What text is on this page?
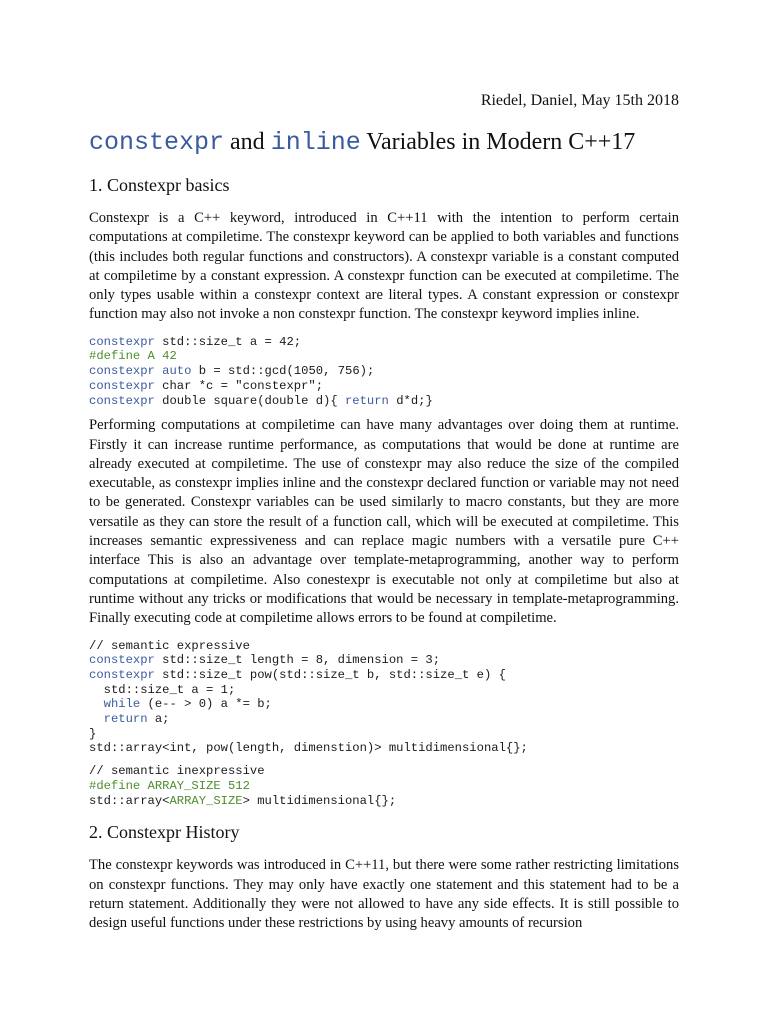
Riedel, Daniel, May 15th 2018
constexpr and inline Variables in Modern C++17
1. Constexpr basics

Constexpr is a C++ keyword, introduced in C++11 with the intention to perform certain computations at compiletime. The constexpr keyword can be applied to both variables and functions (this includes both regular functions and constructors). A constexpr variable is a constant computed at compiletime by a constant expression. A constexpr function can be executed at compiletime. The only types usable within a constexpr context are literal types. A constant expression or constexpr function may also not invoke a non constexpr function. The constexpr keyword implies inline.

constexpr std::size_t a = 42;
#define A 42
constexpr auto b = std::gcd(1050, 756);
constexpr char *c = "constexpr";
constexpr double square(double d){ return d*d;}

Performing computations at compiletime can have many advantages over doing them at runtime. Firstly it can increase runtime performance, as computations that would be done at runtime are already executed at compiletime. The use of constexpr may also reduce the size of the compiled executable, as constexpr implies inline and the constexpr declared function or variable may not need to be generated. Constexpr variables can be used similarly to macro constants, but they are more versatile as they can store the result of a function call, which will be executed at compiletime. This increases semantic expressiveness and can replace magic numbers with a versatile pure C++ interface This is also an advantage over template-metaprogramming, another way to perform computations at compiletime. Also conestexpr is executable not only at compiletime but also at runtime without any tricks or modifications that would be necessary in template-metaprogramming. Finally executing code at compiletime allows errors to be found at compiletime.

// semantic expressive
constexpr std::size_t length = 8, dimension = 3;
constexpr std::size_t pow(std::size_t b, std::size_t e) {
std::size_t a = 1;
while (e-- > 0) a *= b;
return a;
}
std::array<int, pow(length, dimenstion)> multidimensional{};
// semantic inexpressive
#define ARRAY_SIZE 512
std::array<ARRAY_SIZE> multidimensional{};
2. Constexpr History

The constexpr keywords was introduced in C++11, but there were some rather restricting limitations on constexpr functions. They may only have exactly one statement and this statement had to be a return statement. Additionally they were not allowed to have any side effects. It is still possible to design useful functions under these restrictions by using heavy amounts of recursion
